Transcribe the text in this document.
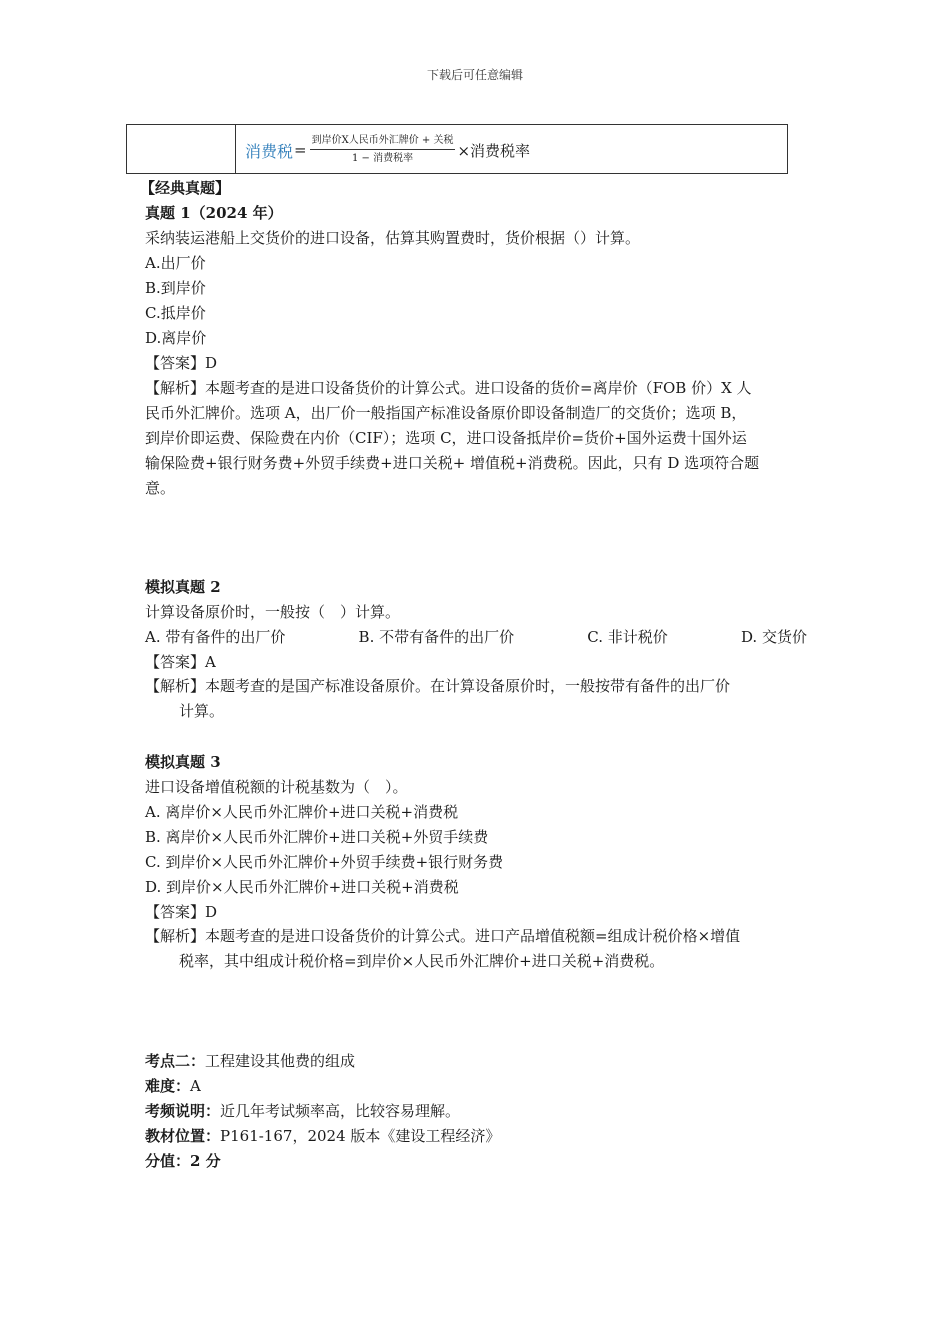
下载后可任意编辑
消费税 = $\frac{\text{到岸价X人民币外汇牌价 + 关税}}{\text{1 − 消费税率}}$ ×消费税率
【经典真题】
真题 1（2024 年）
采纳装运港船上交货价的进口设备，估算其购置费时，货价根据（）计算。
A.出厂价
B.到岸价
C.抵岸价
D.离岸价
【答案】D
【解析】本题考查的是进口设备货价的计算公式。进口设备的货价=离岸价（FOB 价）X 人
民币外汇牌价。选项 A，出厂价一般指国产标准设备原价即设备制造厂的交货价；选项 B，
到岸价即运费、保险费在内价（CIF）；选项 C，进口设备抵岸价=货价+国外运费十国外运
输保险费+银行财务费+外贸手续费+进口关税+ 增值税+消费税。因此，只有 D 选项符合题
意。
模拟真题 2
计算设备原价时，一般按（　）计算。
A. 带有备件的出厂价	B. 不带有备件的出厂价	C. 非计税价	D. 交货价
【答案】A
【解析】本题考查的是国产标准设备原价。在计算设备原价时，一般按带有备件的出厂价
计算。
模拟真题 3
进口设备增值税额的计税基数为（　）。
A. 离岸价×人民币外汇牌价+进口关税+消费税
B. 离岸价×人民币外汇牌价+进口关税+外贸手续费
C. 到岸价×人民币外汇牌价+外贸手续费+银行财务费
D. 到岸价×人民币外汇牌价+进口关税+消费税
【答案】D
【解析】本题考查的是进口设备货价的计算公式。进口产品增值税额=组成计税价格×增值
税率，其中组成计税价格=到岸价×人民币外汇牌价+进口关税+消费税。
考点二：工程建设其他费的组成
难度：A
考频说明：近几年考试频率高，比较容易理解。
教材位置：P161-167，2024 版本《建设工程经济》
分值：2 分
